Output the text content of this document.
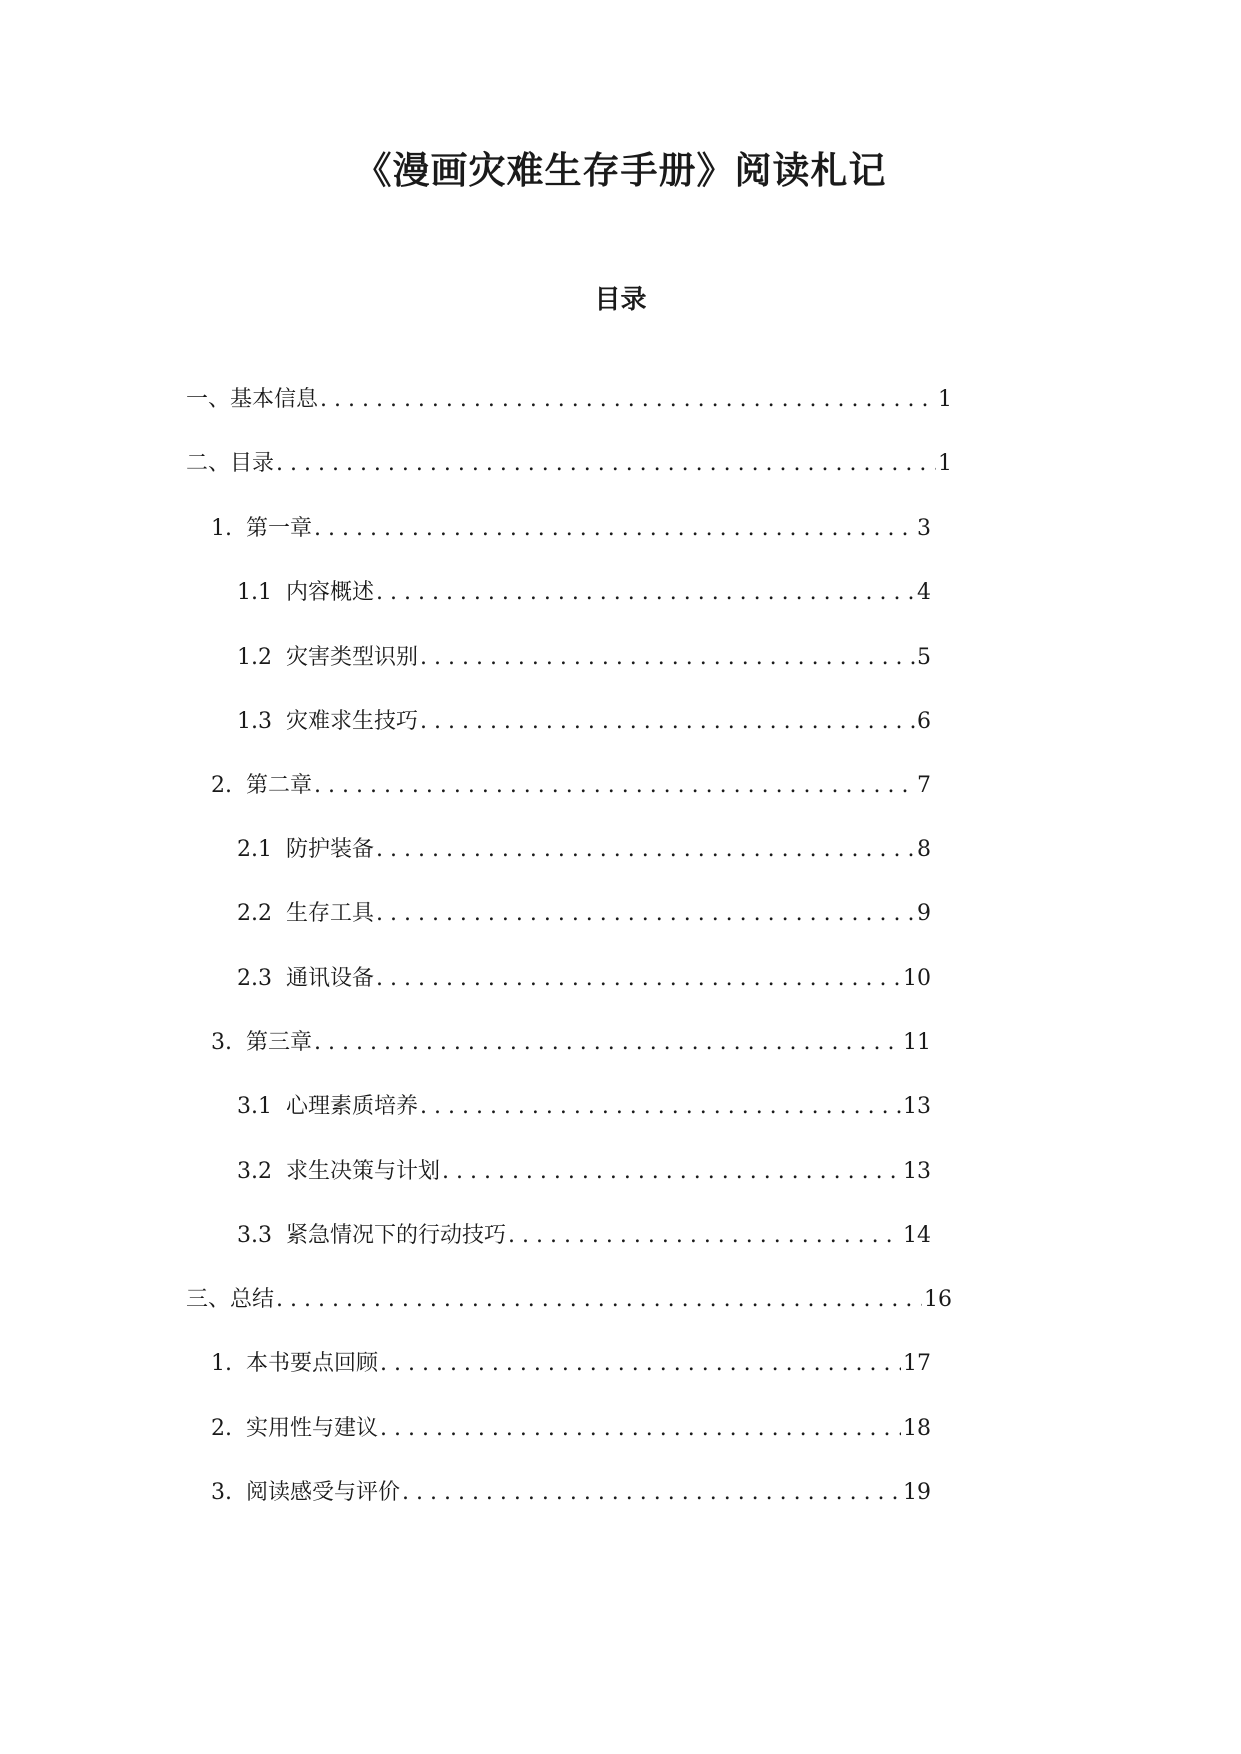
《漫画灾难生存手册》阅读札记
目录
一、 基本信息 . . .	1
二、 目录 . . .	1
1. 第一章 . . .	3
1.1 内容概述 . . .	4
1.2 灾害类型识别 . . .	5
1.3 灾难求生技巧 . . .	6
2. 第二章 . . .	7
2.1 防护装备 . . .	8
2.2 生存工具 . . .	9
2.3 通讯设备 . . .	10
3. 第三章 . . .	11
3.1 心理素质培养 . . .	13
3.2 求生决策与计划 . . .	13
3.3 紧急情况下的行动技巧 . . .	14
三、 总结 . . .	16
1. 本书要点回顾 . . .	17
2. 实用性与建议 . . .	18
3. 阅读感受与评价 . . .	19
